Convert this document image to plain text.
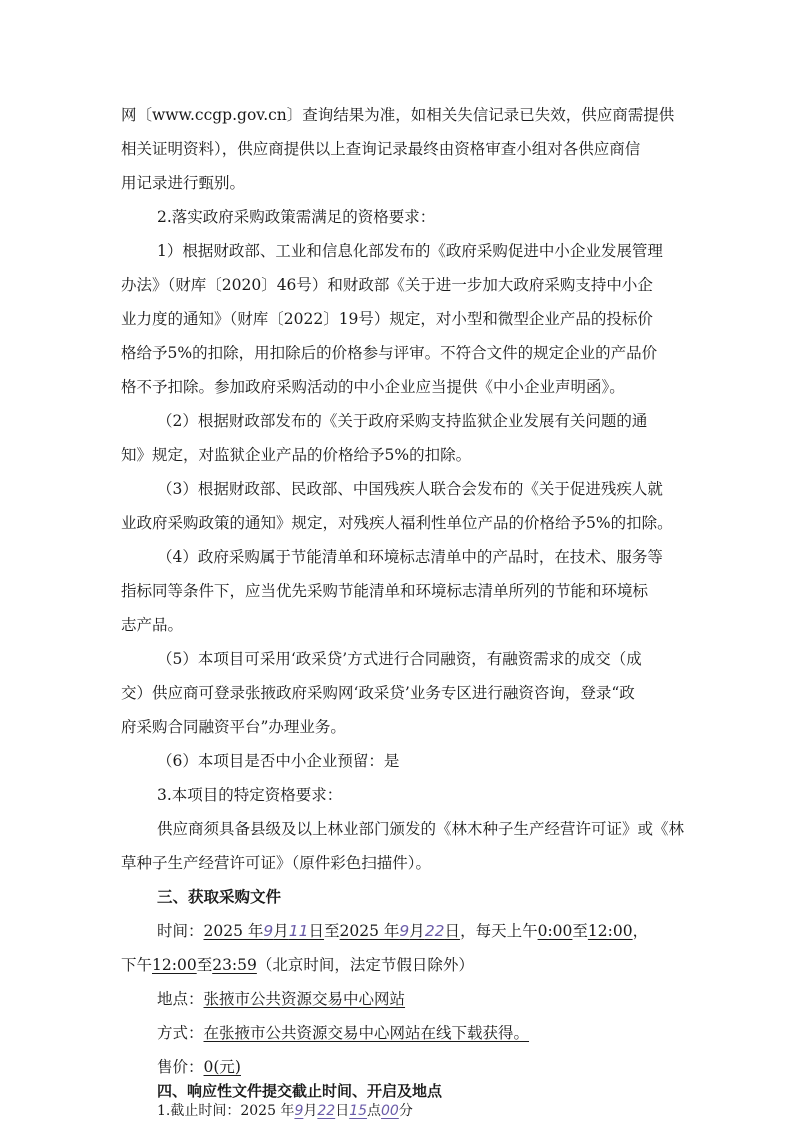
网〔www.ccgp.gov.cn〕查询结果为准，如相关失信记录已失效，供应商需提供
相关证明资料），供应商提供以上查询记录最终由资格审查小组对各供应商信
用记录进行甄别。
2.落实政府采购政策需满足的资格要求：
1）根据财政部、工业和信息化部发布的《政府采购促进中小企业发展管理
办法》（财库〔2020〕46号）和财政部《关于进一步加大政府采购支持中小企
业力度的通知》（财库〔2022〕19号）规定，对小型和微型企业产品的投标价
格给予5%的扣除，用扣除后的价格参与评审。不符合文件的规定企业的产品价
格不予扣除。参加政府采购活动的中小企业应当提供《中小企业声明函》。
（2）根据财政部发布的《关于政府采购支持监狱企业发展有关问题的通
知》规定，对监狱企业产品的价格给予5%的扣除。
（3）根据财政部、民政部、中国残疾人联合会发布的《关于促进残疾人就
业政府采购政策的通知》规定，对残疾人福利性单位产品的价格给予5%的扣除。
（4）政府采购属于节能清单和环境标志清单中的产品时，在技术、服务等
指标同等条件下，应当优先采购节能清单和环境标志清单所列的节能和环境标
志产品。
（5）本项目可采用‘政采贷’方式进行合同融资，有融资需求的成交（成
交）供应商可登录张掖政府采购网‘政采贷’业务专区进行融资咨询，登录“政
府采购合同融资平台”办理业务。
（6）本项目是否中小企业预留：是
3.本项目的特定资格要求：
供应商须具备县级及以上林业部门颁发的《林木种子生产经营许可证》或《林
草种子生产经营许可证》（原件彩色扫描件）。
三、获取采购文件
时间：2025 年9月11日至2025 年9月22日，每天上午0:00至12:00，
下午12:00至23:59（北京时间，法定节假日除外）
地点：张掖市公共资源交易中心网站
方式：在张掖市公共资源交易中心网站在线下载获得。
售价：0(元)
四、响应性文件提交截止时间、开启及地点
1.截止时间：2025 年9月22日15点00分
